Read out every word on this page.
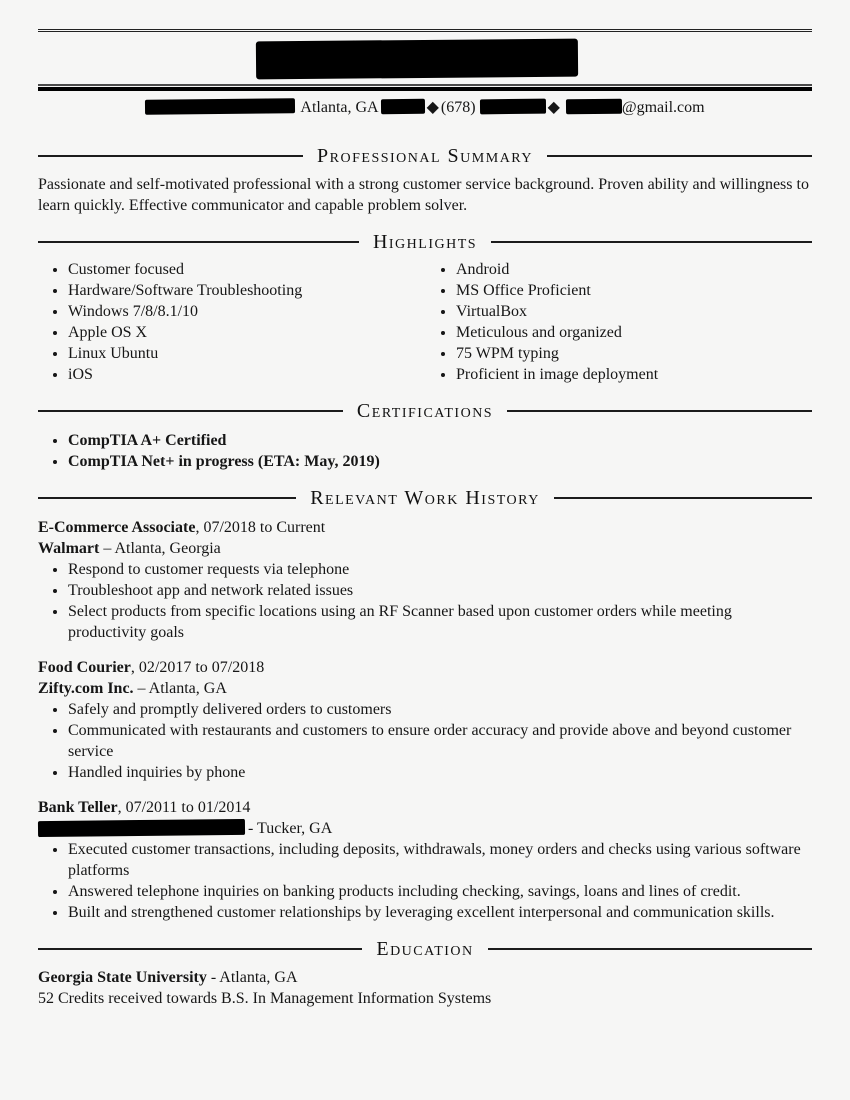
Atlanta, GA	◆ (678)	◆	@gmail.com
Professional Summary
Passionate and self-motivated professional with a strong customer service background. Proven ability and willingness to learn quickly. Effective communicator and capable problem solver.
Highlights
• Customer focused
• Hardware/Software Troubleshooting
• Windows 7/8/8.1/10
• Apple OS X
• Linux Ubuntu
• iOS
• Android
• MS Office Proficient
• VirtualBox
• Meticulous and organized
• 75 WPM typing
• Proficient in image deployment
Certifications
• CompTIA A+ Certified
• CompTIA Net+ in progress (ETA: May, 2019)
Relevant Work History
E-Commerce Associate, 07/2018 to Current
Walmart – Atlanta, Georgia
• Respond to customer requests via telephone
• Troubleshoot app and network related issues
• Select products from specific locations using an RF Scanner based upon customer orders while meeting productivity goals
Food Courier, 02/2017 to 07/2018
Zifty.com Inc. – Atlanta, GA
• Safely and promptly delivered orders to customers
• Communicated with restaurants and customers to ensure order accuracy and provide above and beyond customer service
• Handled inquiries by phone
Bank Teller, 07/2011 to 01/2014
- Tucker, GA
• Executed customer transactions, including deposits, withdrawals, money orders and checks using various software platforms
• Answered telephone inquiries on banking products including checking, savings, loans and lines of credit.
• Built and strengthened customer relationships by leveraging excellent interpersonal and communication skills.
Education
Georgia State University - Atlanta, GA
52 Credits received towards B.S. In Management Information Systems
